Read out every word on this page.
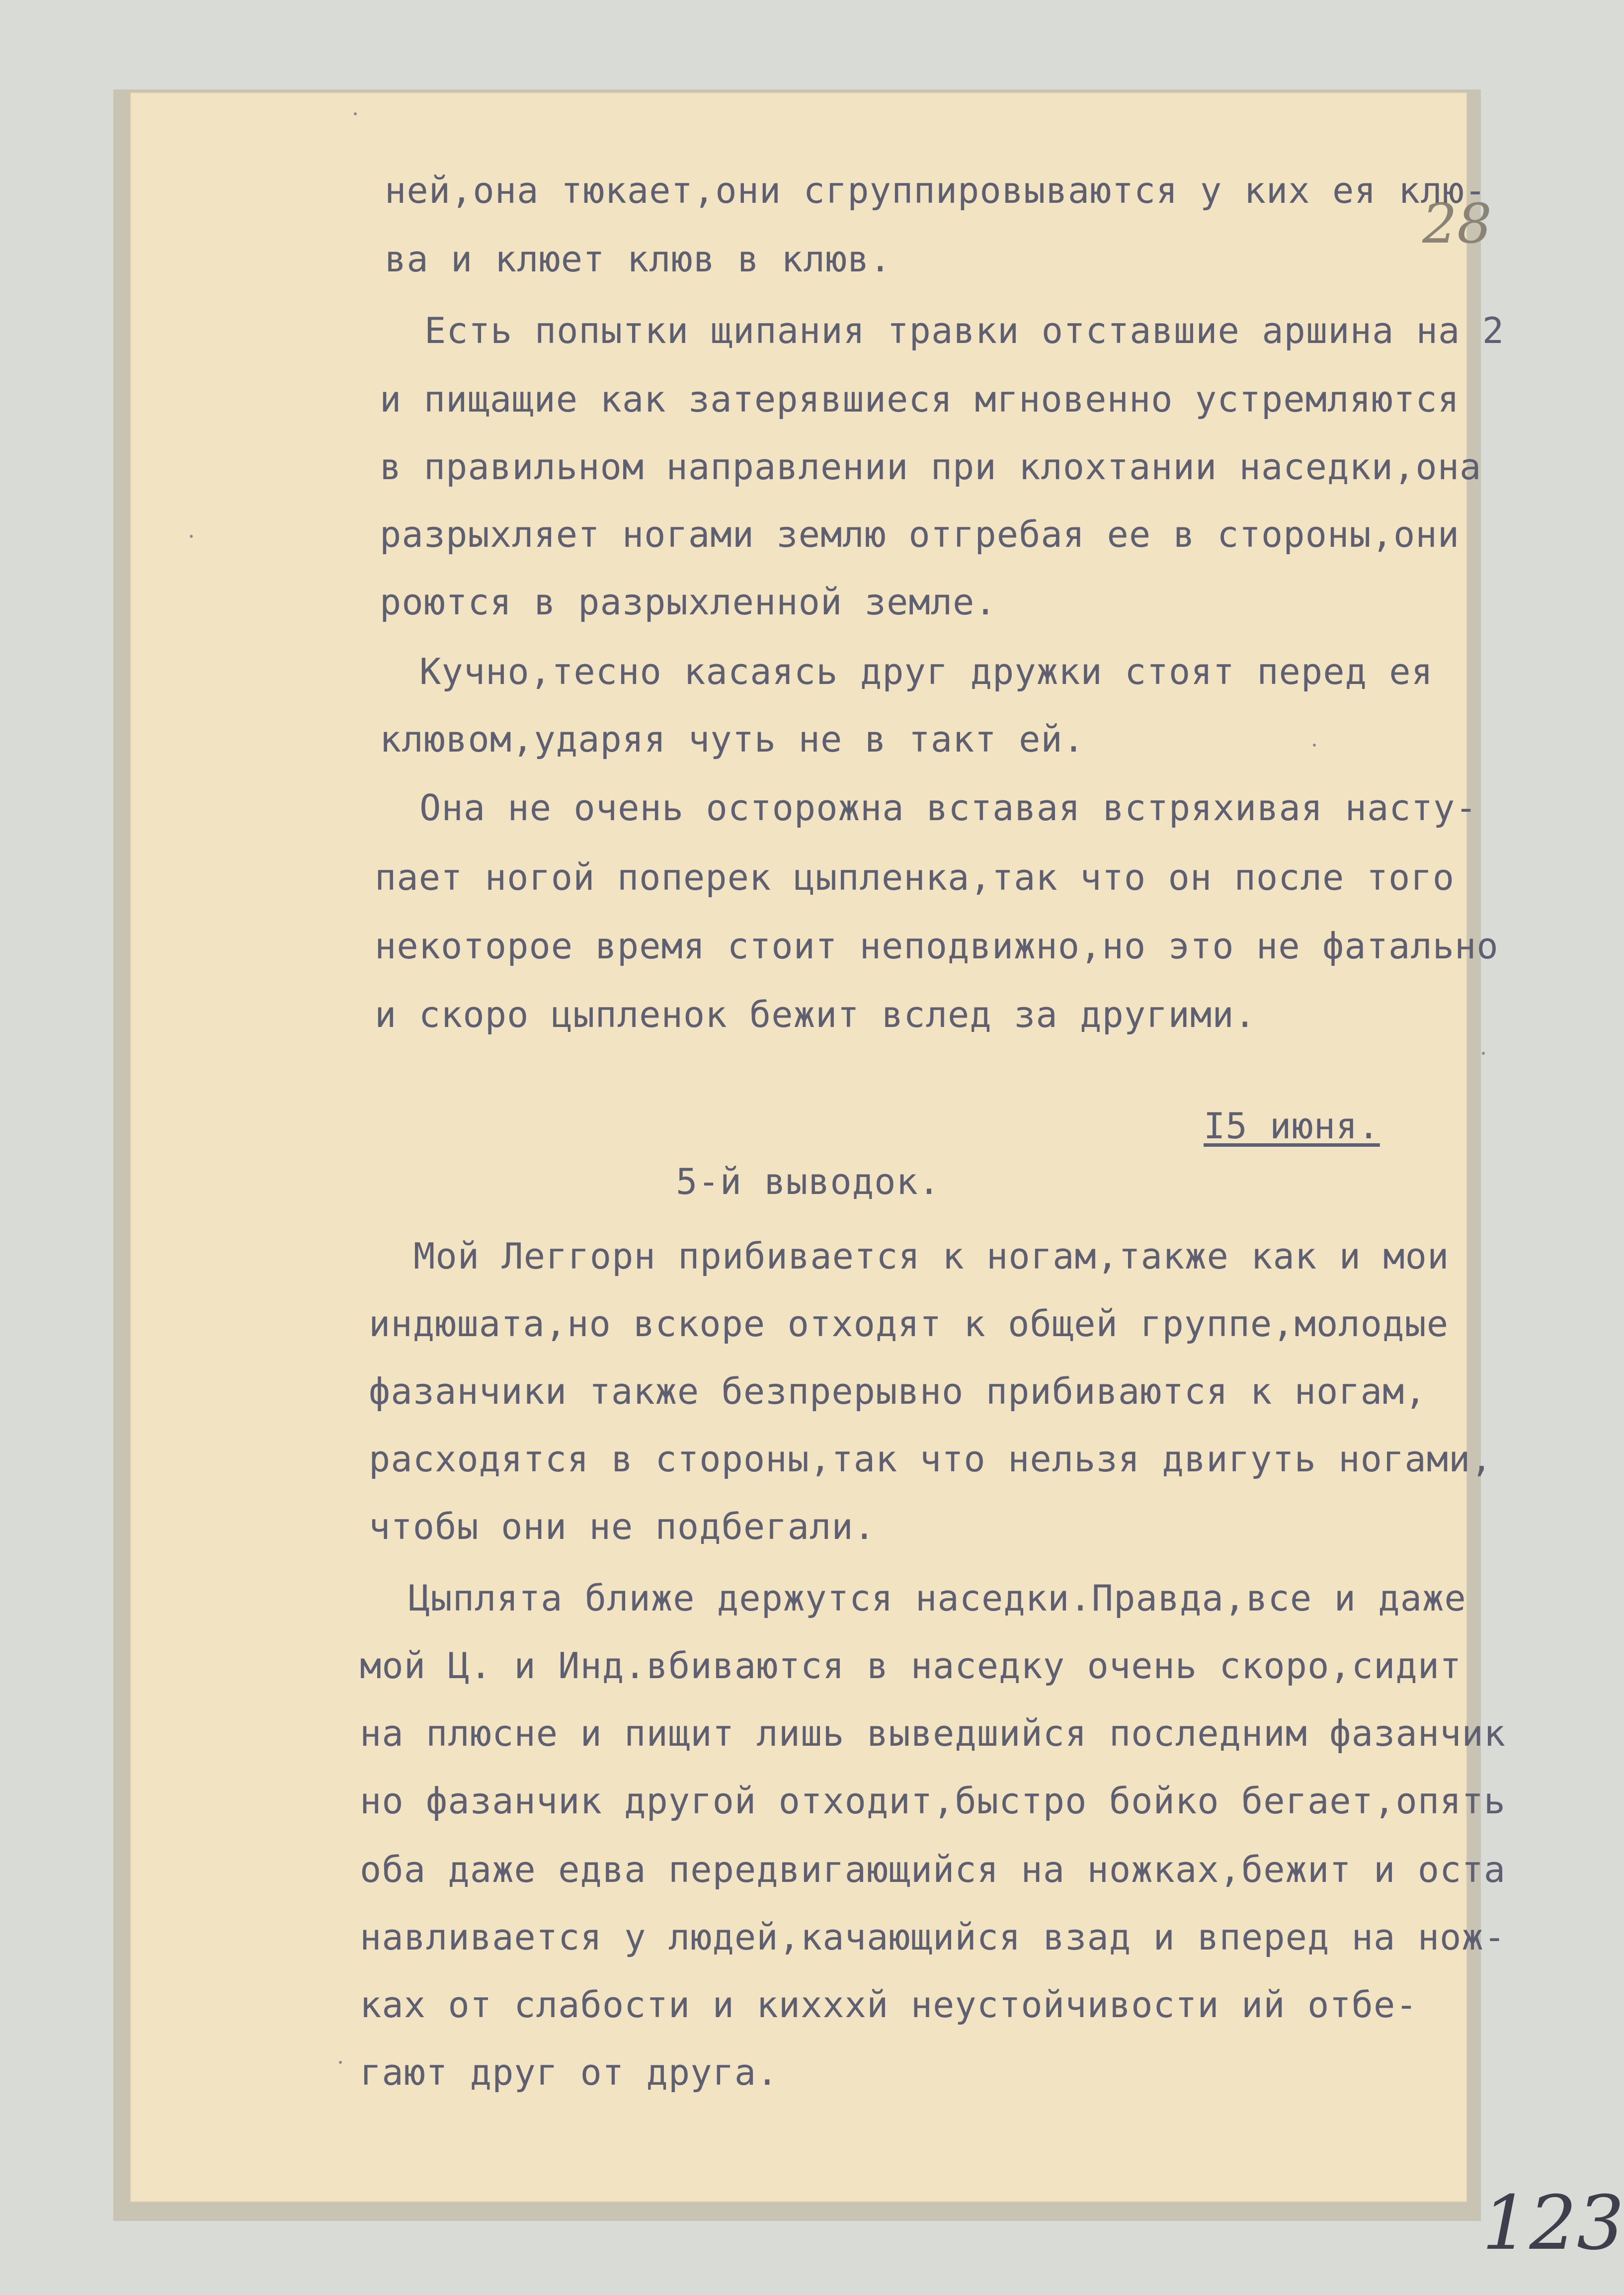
28
ней,она тюкает,они сгруппировываются у ких ея клю-
ва и клюет клюв в клюв.
Есть попытки щипания травки отставшие аршина на 2
и пищащие как затерявшиеся мгновенно устремляются
в правильном направлении при клохтании наседки,она
разрыхляет ногами землю отгребая ее в стороны,они
роются в разрыхленной земле.
Кучно,тесно касаясь друг дружки стоят перед ея
клювом,ударяя чуть не в такт ей.
Она не очень осторожна вставая встряхивая насту-
пает ногой поперек цыпленка,так что он после того
некоторое время стоит неподвижно,но это не фатально
и скоро цыпленок бежит вслед за другими.
I5 июня.
5-й выводок.
Мой Леггорн прибивается к ногам,также как и мои
индюшата,но вскоре отходят к общей группе,молодые
фазанчики также безпрерывно прибиваются к ногам,
расходятся в стороны,так что нельзя двигуть ногами,
чтобы они не подбегали.
Цыплята ближе держутся наседки.Правда,все и даже
мой Ц. и Инд.вбиваются в наседку очень скоро,сидит
на плюсне и пищит лишь выведшийся последним фазанчик
но фазанчик другой отходит,быстро бойко бегает,опять
оба даже едва передвигающийся на ножках,бежит и оста
навливается у людей,качающийся взад и вперед на нож-
ках от слабости и кихххй неустойчивости ий отбе-
гают друг от друга.
123
